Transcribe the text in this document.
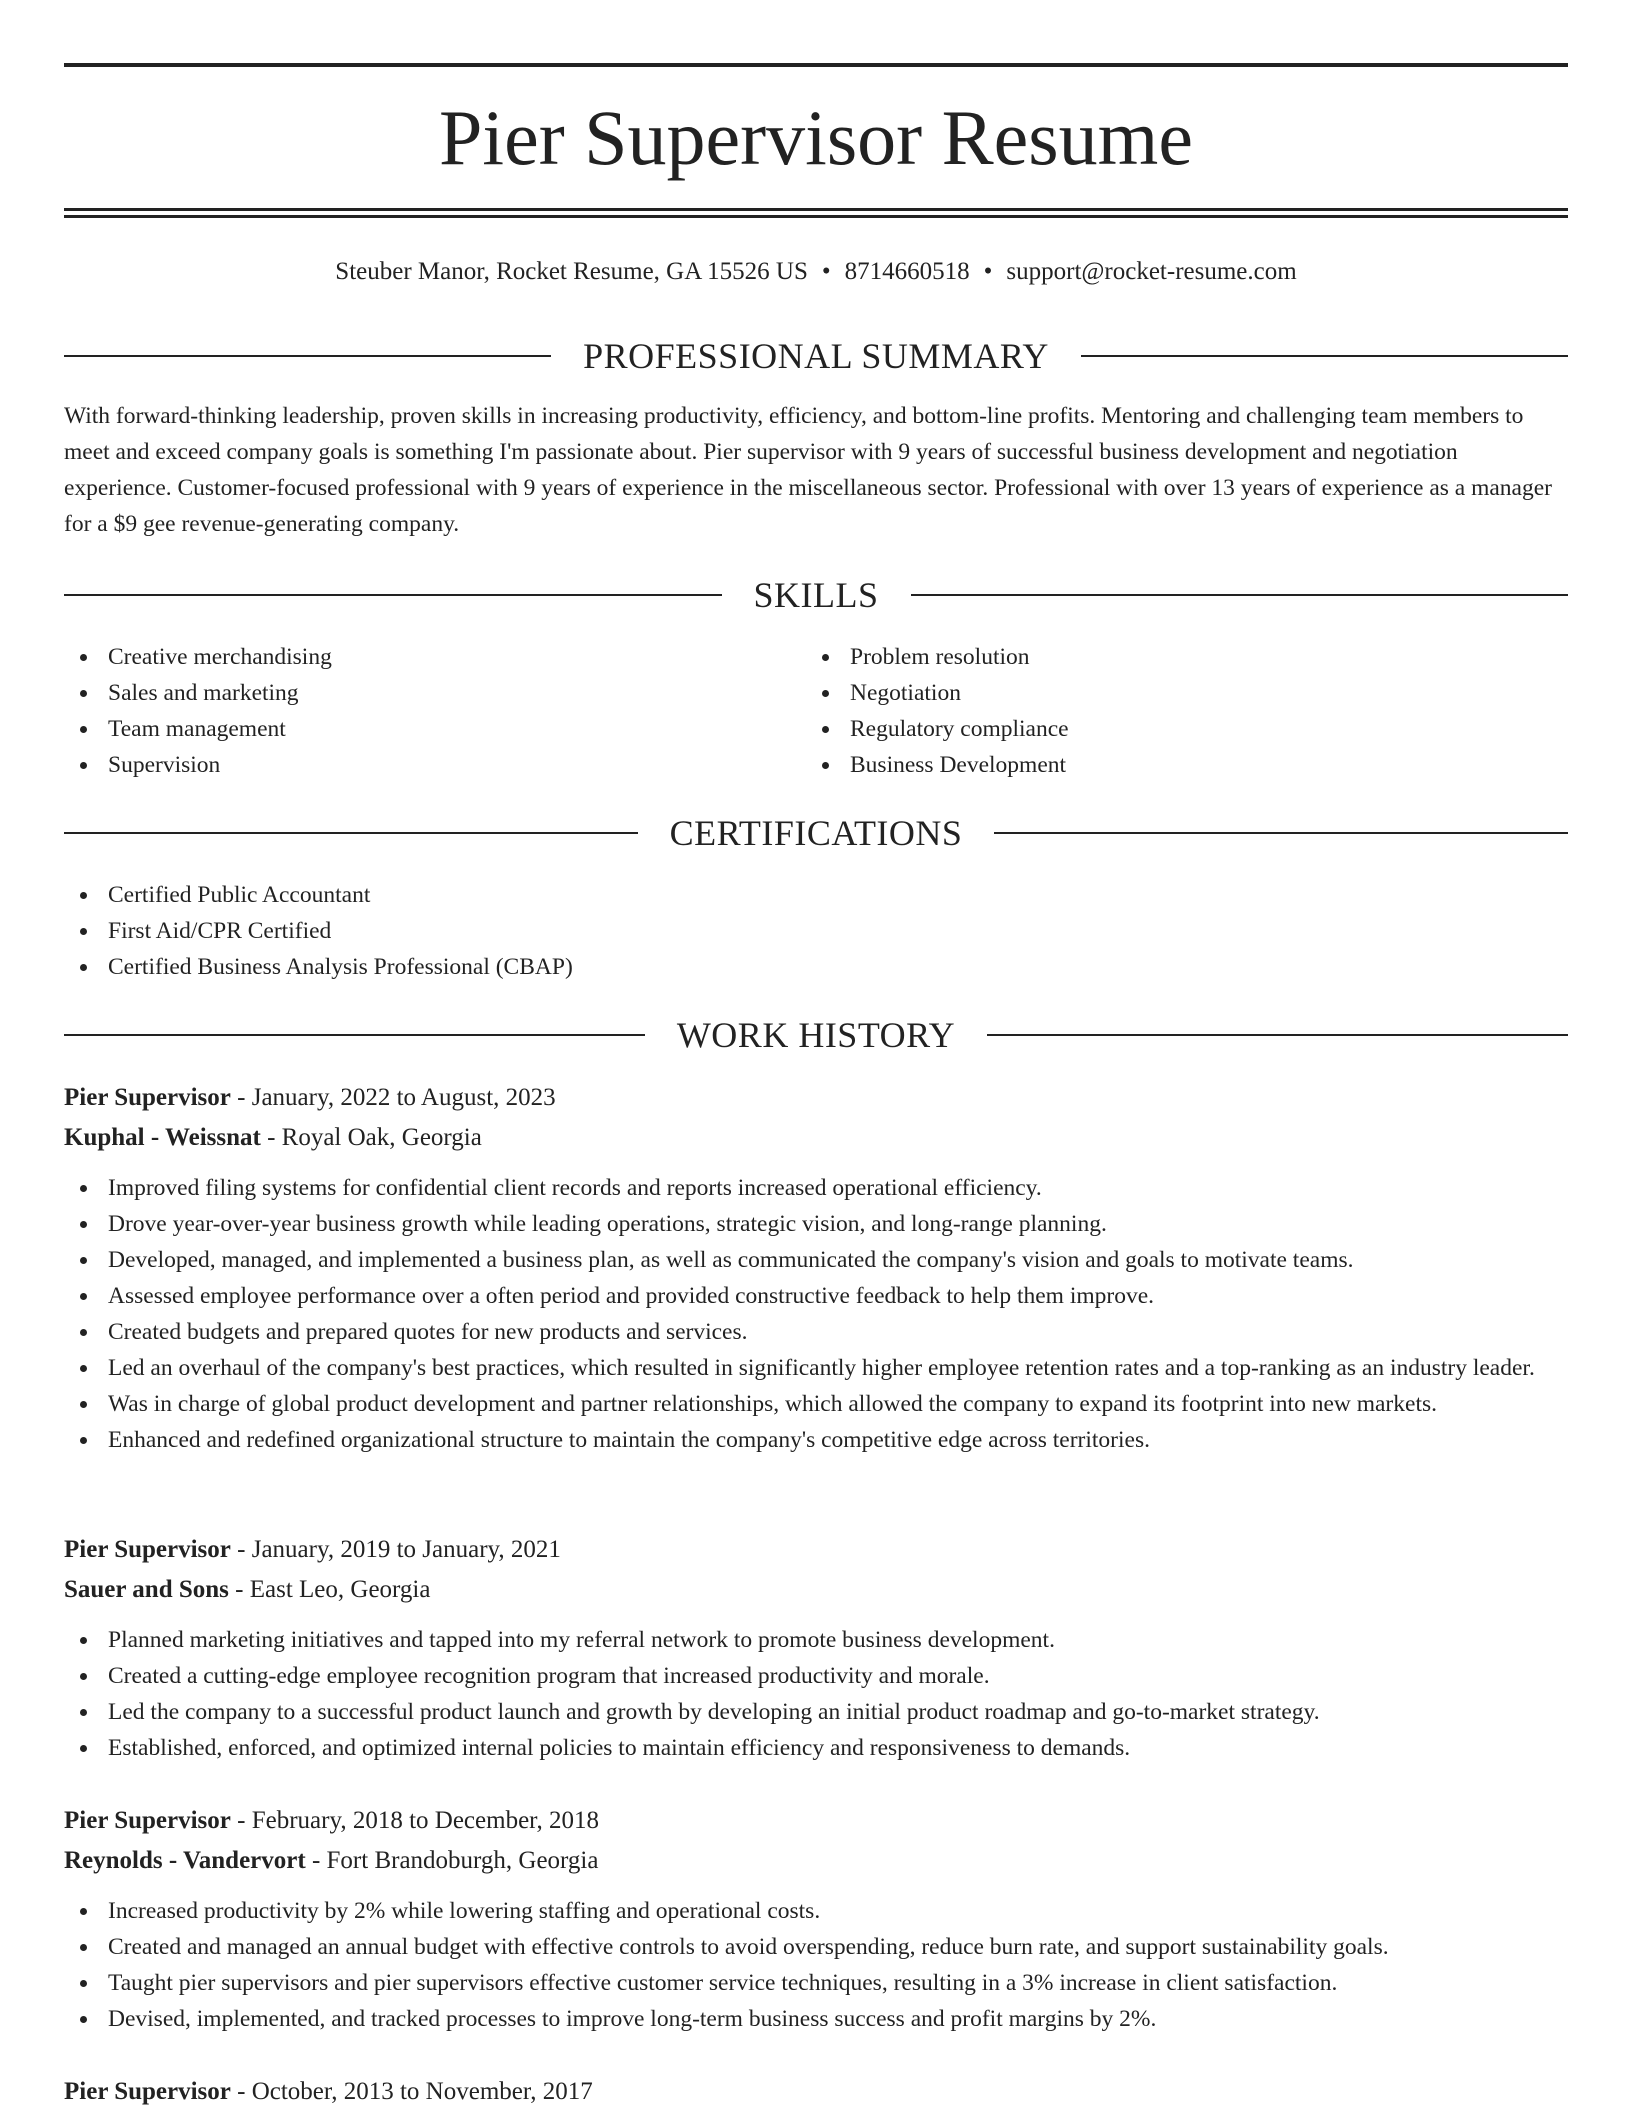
Pier Supervisor Resume
Steuber Manor, Rocket Resume, GA 15526 US • 8714660518 • support@rocket-resume.com
PROFESSIONAL SUMMARY

With forward-thinking leadership, proven skills in increasing productivity, efficiency, and bottom-line profits. Mentoring and challenging team members to meet and exceed company goals is something I'm passionate about. Pier supervisor with 9 years of successful business development and negotiation experience. Customer-focused professional with 9 years of experience in the miscellaneous sector. Professional with over 13 years of experience as a manager for a $9 gee revenue-generating company.

SKILLS
Creative merchandising
Sales and marketing
Team management
Supervision
Problem resolution
Negotiation
Regulatory compliance
Business Development
CERTIFICATIONS
Certified Public Accountant
First Aid/CPR Certified
Certified Business Analysis Professional (CBAP)
WORK HISTORY
Pier Supervisor - January, 2022 to August, 2023
Kuphal - Weissnat - Royal Oak, Georgia
Improved filing systems for confidential client records and reports increased operational efficiency.
Drove year-over-year business growth while leading operations, strategic vision, and long-range planning.
Developed, managed, and implemented a business plan, as well as communicated the company's vision and goals to motivate teams.
Assessed employee performance over a often period and provided constructive feedback to help them improve.
Created budgets and prepared quotes for new products and services.
Led an overhaul of the company's best practices, which resulted in significantly higher employee retention rates and a top-ranking as an industry leader.
Was in charge of global product development and partner relationships, which allowed the company to expand its footprint into new markets.
Enhanced and redefined organizational structure to maintain the company's competitive edge across territories.
Pier Supervisor - January, 2019 to January, 2021
Sauer and Sons - East Leo, Georgia
Planned marketing initiatives and tapped into my referral network to promote business development.
Created a cutting-edge employee recognition program that increased productivity and morale.
Led the company to a successful product launch and growth by developing an initial product roadmap and go-to-market strategy.
Established, enforced, and optimized internal policies to maintain efficiency and responsiveness to demands.
Pier Supervisor - February, 2018 to December, 2018
Reynolds - Vandervort - Fort Brandoburgh, Georgia
Increased productivity by 2% while lowering staffing and operational costs.
Created and managed an annual budget with effective controls to avoid overspending, reduce burn rate, and support sustainability goals.
Taught pier supervisors and pier supervisors effective customer service techniques, resulting in a 3% increase in client satisfaction.
Devised, implemented, and tracked processes to improve long-term business success and profit margins by 2%.
Pier Supervisor - October, 2013 to November, 2017
